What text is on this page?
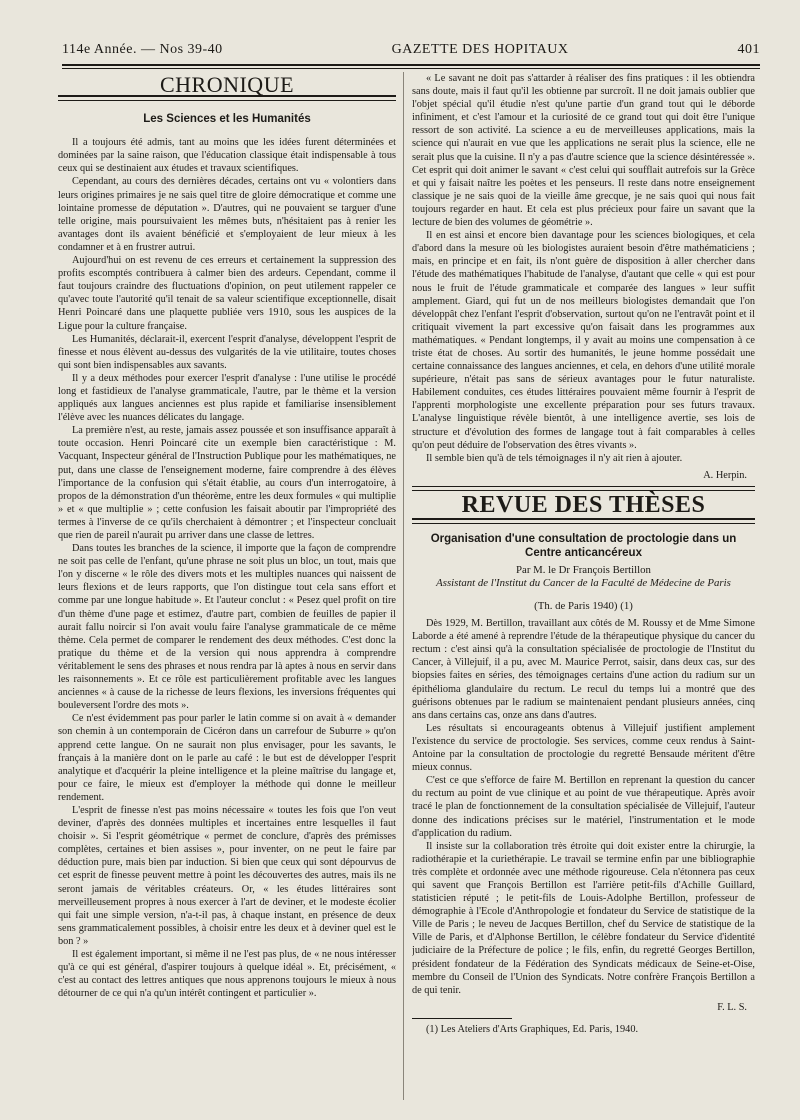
114e Année. — Nos 39-40	GAZETTE DES HOPITAUX	401
CHRONIQUE
Les Sciences et les Humanités

Il a toujours été admis, tant au moins que les idées furent déterminées et dominées par la saine raison, que l'éducation classique était indispensable à tous ceux qui se destinaient aux études et travaux scientifiques.

Cependant, au cours des dernières décades, certains ont vu « volontiers dans leurs origines primaires je ne sais quel titre de gloire démocratique et comme une lointaine promesse de députation ». D'autres, qui ne pouvaient se targuer d'une telle origine, mais poursuivaient les mêmes buts, n'hésitaient pas à renier les avantages dont ils avaient bénéficié et s'employaient de leur mieux à les condamner et à en frustrer autrui.

Aujourd'hui on est revenu de ces erreurs et certainement la suppression des profits escomptés contribuera à calmer bien des ardeurs. Cependant, comme il faut toujours craindre des fluctuations d'opinion, on peut utilement rappeler ce qu'avec toute l'autorité qu'il tenait de sa valeur scientifique exceptionnelle, disait Henri Poincaré dans une plaquette publiée vers 1910, sous les auspices de la Ligue pour la culture française.

Les Humanités, déclarait-il, exercent l'esprit d'analyse, développent l'esprit de finesse et nous élèvent au-dessus des vulgarités de la vie utilitaire, toutes choses qui sont bien indispensables aux savants.

Il y a deux méthodes pour exercer l'esprit d'analyse : l'une utilise le procédé long et fastidieux de l'analyse grammaticale, l'autre, par le thème et la version appliqués aux langues anciennes est plus rapide et familiarise insensiblement l'élève avec les nuances délicates du langage.

La première n'est, au reste, jamais assez poussée et son insuffisance apparaît à toute occasion. Henri Poincaré cite un exemple bien caractéristique : M. Vacquant, Inspecteur général de l'Instruction Publique pour les mathématiques, ne put, dans une classe de l'enseignement moderne, faire comprendre à des élèves l'importance de la confusion qui s'était établie, au cours d'un interrogatoire, à propos de la démonstration d'un théorème, entre les deux formules « qui multiplie » et « que multiplie » ; cette confusion les faisait aboutir par l'impropriété des termes à l'inverse de ce qu'ils cherchaient à démontrer ; et l'inspecteur concluait que rien de pareil n'aurait pu arriver dans une classe de lettres.

Dans toutes les branches de la science, il importe que la façon de comprendre ne soit pas celle de l'enfant, qu'une phrase ne soit plus un bloc, un tout, mais que l'on y discerne « le rôle des divers mots et les multiples nuances qui naissent de leurs flexions et de leurs rapports, que l'on distingue tout cela sans effort et comme par une longue habitude ». Et l'auteur conclut : « Pesez quel profit on tire d'un thème d'une page et estimez, d'autre part, combien de feuilles de papier il aurait fallu noircir si l'on avait voulu faire l'analyse grammaticale de ce même thème. Cela permet de comparer le rendement des deux méthodes. C'est donc la pratique du thème et de la version qui nous apprendra à comprendre véritablement le sens des phrases et nous rendra par là aptes à nous en servir dans les raisonnements ». Et ce rôle est particulièrement profitable avec les langues anciennes « à cause de la richesse de leurs flexions, les inversions fréquentes qui bouleversent l'ordre des mots ».

Ce n'est évidemment pas pour parler le latin comme si on avait à « demander son chemin à un contemporain de Cicéron dans un carrefour de Suburre » qu'on apprend cette langue. On ne saurait non plus envisager, pour les savants, le français à la manière dont on le parle au café : le but est de développer l'esprit analytique et d'acquérir la pleine intelligence et la pleine maîtrise du langage et, pour ce faire, le mieux est d'employer la méthode qui donne le meilleur rendement.

L'esprit de finesse n'est pas moins nécessaire « toutes les fois que l'on veut deviner, d'après des données multiples et incertaines entre lesquelles il faut choisir ». Si l'esprit géométrique « permet de conclure, d'après des prémisses complètes, certaines et bien assises », pour inventer, on ne peut le faire par déduction pure, mais bien par induction. Si bien que ceux qui sont dépourvus de cet esprit de finesse peuvent mettre à point les découvertes des autres, mais ils ne seront jamais de véritables créateurs. Or, « les études littéraires sont merveilleusement propres à nous exercer à l'art de deviner, et le modeste écolier qui fait une simple version, n'a-t-il pas, à chaque instant, en présence de deux sens grammaticalement possibles, à choisir entre les deux et à deviner quel est le bon ? »

Il est également important, si même il ne l'est pas plus, de « ne nous intéresser qu'à ce qui est général, d'aspirer toujours à quelque idéal ». Et, précisément, « c'est au contact des lettres antiques que nous apprenons toujours le mieux à nous détourner de ce qui n'a qu'un intérêt contingent et particulier ».

« Le savant ne doit pas s'attarder à réaliser des fins pratiques : il les obtiendra sans doute, mais il faut qu'il les obtienne par surcroît. Il ne doit jamais oublier que l'objet spécial qu'il étudie n'est qu'une partie d'un grand tout qui le déborde infiniment, et c'est l'amour et la curiosité de ce grand tout qui doit être l'unique ressort de son activité. La science a eu de merveilleuses applications, mais la science qui n'aurait en vue que les applications ne serait plus la science, elle ne serait plus que la cuisine. Il n'y a pas d'autre science que la science désintéressée ». Cet esprit qui doit animer le savant « c'est celui qui soufflait autrefois sur la Grèce et qui y faisait naître les poètes et les penseurs. Il reste dans notre enseignement classique je ne sais quoi de la vieille âme grecque, je ne sais quoi qui nous fait toujours regarder en haut. Et cela est plus précieux pour faire un savant que la lecture de bien des volumes de géométrie ».

Il en est ainsi et encore bien davantage pour les sciences biologiques, et cela d'abord dans la mesure où les biologistes auraient besoin d'être mathématiciens ; mais, en principe et en fait, ils n'ont guère de disposition à aller chercher dans l'étude des mathématiques l'habitude de l'analyse, d'autant que celle « qui est pour nous le fruit de l'étude grammaticale et comparée des langues » leur suffit amplement. Giard, qui fut un de nos meilleurs biologistes demandait que l'on développât chez l'enfant l'esprit d'observation, surtout qu'on ne l'entravât point et il critiquait vivement la part excessive qu'on faisait dans les programmes aux mathématiques. « Pendant longtemps, il y avait au moins une compensation à ce triste état de choses. Au sortir des humanités, le jeune homme possédait une certaine connaissance des langues anciennes, et cela, en dehors d'une utilité morale supérieure, n'était pas sans de sérieux avantages pour le futur naturaliste. Habilement conduites, ces études littéraires pouvaient même fournir à l'esprit de l'apprenti morphologiste une excellente préparation pour ses futurs travaux. L'analyse linguistique révèle bientôt, à une intelligence avertie, ses lois de structure et d'évolution des formes de langage tout à fait comparables à celles qu'on peut déduire de l'observation des êtres vivants ».

Il semble bien qu'à de tels témoignages il n'y ait rien à ajouter.

A. Herpin.
REVUE DES THÈSES
Organisation d'une consultation de proctologie dans un Centre anticancéreux
Par M. le Dr François Bertillon
Assistant de l'Institut du Cancer de la Faculté de Médecine de Paris
(Th. de Paris 1940) (1)

Dès 1929, M. Bertillon, travaillant aux côtés de M. Roussy et de Mme Simone Laborde a été amené à reprendre l'étude de la thérapeutique physique du cancer du rectum : c'est ainsi qu'à la consultation spécialisée de proctologie de l'Institut du Cancer, à Villejuif, il a pu, avec M. Maurice Perrot, saisir, dans deux cas, sur des biopsies faites en séries, des témoignages certains d'une action du radium sur un épithélioma glandulaire du rectum. Le recul du temps lui a montré que des guérisons obtenues par le radium se maintenaient pendant plusieurs années, cinq ans dans certains cas, onze ans dans d'autres.

Les résultats si encourageants obtenus à Villejuif justifient amplement l'existence du service de proctologie. Ses services, comme ceux rendus à Saint-Antoine par la consultation de proctologie du regretté Bensaude méritent d'être mieux connus.

C'est ce que s'efforce de faire M. Bertillon en reprenant la question du cancer du rectum au point de vue clinique et au point de vue thérapeutique. Après avoir tracé le plan de fonctionnement de la consultation spécialisée de Villejuif, l'auteur donne des indications précises sur le matériel, l'instrumentation et le mode d'application du radium.

Il insiste sur la collaboration très étroite qui doit exister entre la chirurgie, la radiothérapie et la curiethérapie. Le travail se termine enfin par une bibliographie très complète et ordonnée avec une méthode rigoureuse. Cela n'étonnera pas ceux qui savent que François Bertillon est l'arrière petit-fils d'Achille Guillard, statisticien réputé ; le petit-fils de Louis-Adolphe Bertillon, professeur de démographie à l'Ecole d'Anthropologie et fondateur du Service de statistique de la Ville de Paris ; le neveu de Jacques Bertillon, chef du Service de statistique de la Ville de Paris, et d'Alphonse Bertillon, le célèbre fondateur du Service d'identité judiciaire de la Préfecture de police ; le fils, enfin, du regretté Georges Bertillon, président fondateur de la Fédération des Syndicats médicaux de Seine-et-Oise, membre du Conseil de l'Union des Syndicats. Notre confrère François Bertillon a de qui tenir.

F. L. S.
(1) Les Ateliers d'Arts Graphiques, Ed. Paris, 1940.
